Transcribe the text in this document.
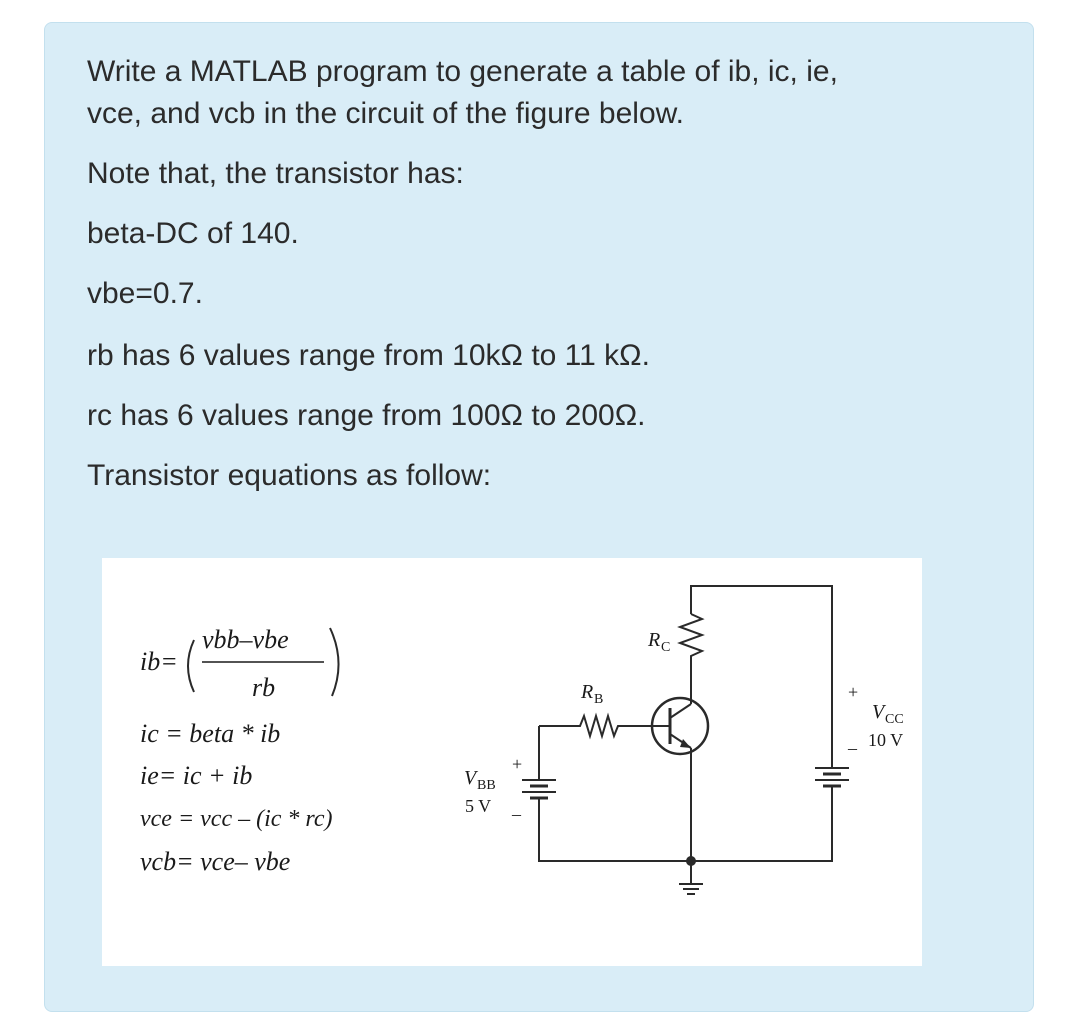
Write a MATLAB program to generate a table of ib, ic, ie,

vce, and vcb in the circuit of the figure below.

Note that, the transistor has:

beta-DC of 140.

vbe=0.7.

rb has 6 values range from 10kΩ to 11 kΩ.

rc has 6 values range from 100Ω to 200Ω.

Transistor equations as follow:

ib=
vbb–vbe
rb
ic = beta * ib
ie= ic + ib
vce = vcc – (ic * rc)
vcb= vce– vbe
R C
R B
+
–
V BB
5 V
+
–
V CC
10 V
